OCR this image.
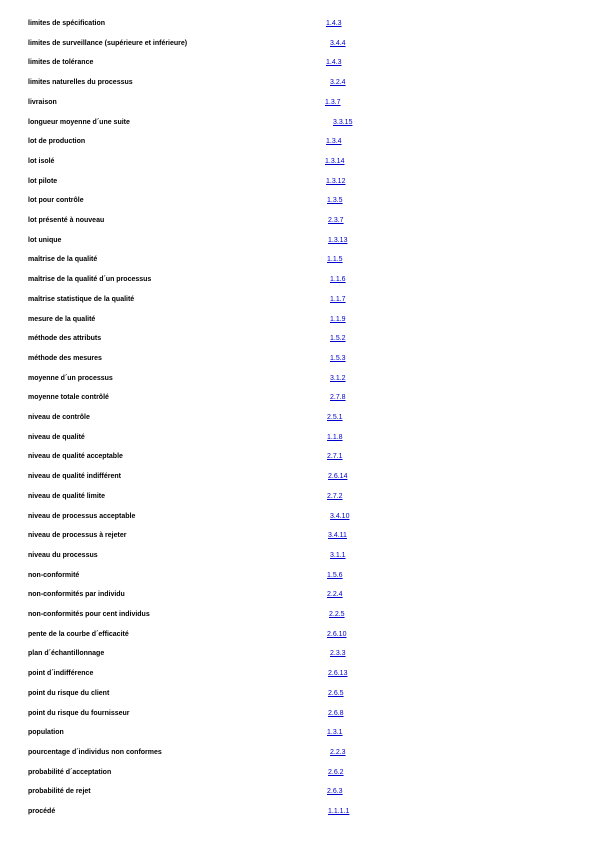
limites de spécification	1.4.3
limites de surveillance (supérieure et inférieure)	3.4.4
limites de tolérance	1.4.3
limites naturelles du processus	3.2.4
livraison	1.3.7
longueur moyenne d´une suite	3.3.15
lot de production	1.3.4
lot isolé	1.3.14
lot pilote	1.3.12
lot pour contrôle	1.3.5
lot présenté à nouveau	2.3.7
lot unique	1.3.13
maîtrise de la qualité	1.1.5
maîtrise de la qualité d´un processus	1.1.6
maîtrise statistique de la qualité	1.1.7
mesure de la qualité	1.1.9
méthode des attributs	1.5.2
méthode des mesures	1.5.3
moyenne d´un processus	3.1.2
moyenne totale contrôlé	2.7.8
niveau de contrôle	2.5.1
niveau de qualité	1.1.8
niveau de qualité acceptable	2.7.1
niveau de qualité indifférent	2.6.14
niveau de qualité limite	2.7.2
niveau de processus acceptable	3.4.10
niveau de processus à rejeter	3.4.11
niveau du processus	3.1.1
non-conformité	1.5.6
non-conformités par individu	2.2.4
non-conformités pour cent individus	2.2.5
pente de la courbe d´efficacité	2.6.10
plan d´échantillonnage	2.3.3
point d´indifférence	2.6.13
point du risque du client	2.6.5
point du risque du fournisseur	2.6.8
population	1.3.1
pourcentage d´individus non conformes	2.2.3
probabilité d´acceptation	2.6.2
probabilité de rejet	2.6.3
procédé	1.1.1.1
